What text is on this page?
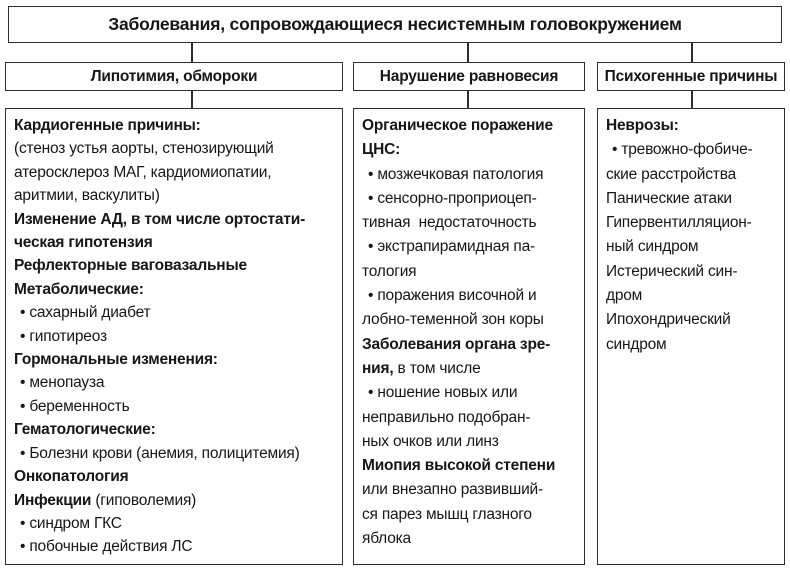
Заболевания, сопровождающиеся несистемным головокружением
Липотимия, обмороки	Нарушение равновесия	Психогенные причины
Кардиогенные причины:
(стеноз устья аорты, стенозирующий
атеросклероз МАГ, кардиомиопатии,
аритмии, васкулиты)
Изменение АД, в том числе ортостати-
ческая гипотензия
Рефлекторные ваговазальные
Метаболические:
• сахарный диабет
• гипотиреоз
Гормональные изменения:
• менопауза
• беременность
Гематологические:
• Болезни крови (анемия, полицитемия)
Онкопатология
Инфекции (гиповолемия)
• синдром ГКС
• побочные действия ЛС
Органическое поражение
ЦНС:
• мозжечковая патология
• сенсорно-проприоцеп-
тивная  недостаточность
• экстрапирамидная па-
тология
• поражения височной и
лобно-теменной зон коры
Заболевания органа зре-
ния, в том числе
• ношение новых или
неправильно подобран-
ных очков или линз
Миопия высокой степени
или внезапно развивший-
ся парез мышц глазного
яблока
Неврозы:
• тревожно-фобиче-
ские расстройства
Панические атаки
Гипервентилляцион-
ный синдром
Истерический син-
дром
Ипохондрический
синдром
